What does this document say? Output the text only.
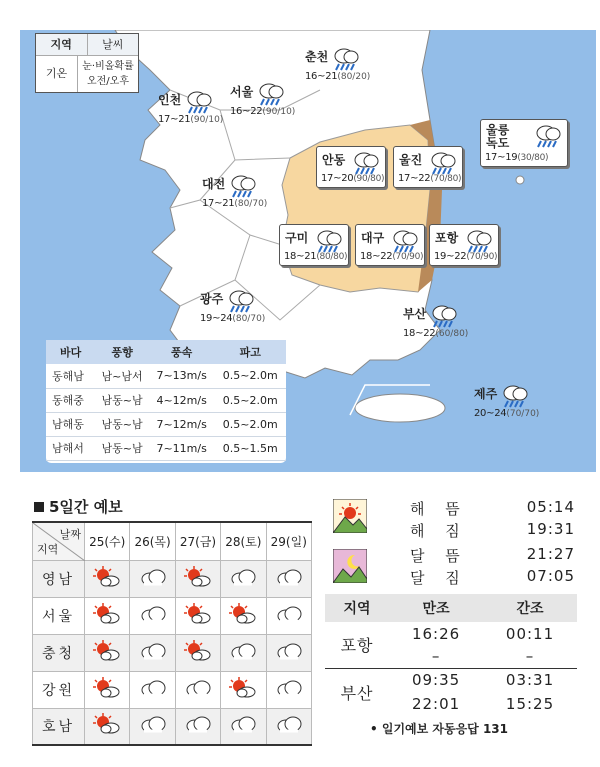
지역	날씨
기온
눈·비올확률
오전/오후
춘천
16~21(80/20)
인천
17~21(90/10)
서울
16~22(90/10)
울릉
독도
17~19(30/80)
안동
17~20(90/80)
울진
17~22(70/80)
대전
17~21(80/70)
구미
18~21(80/80)
대구
18~22(70/90)
포항
19~22(70/90)
광주
19~24(80/70)	부산
18~22(60/80)
제주
20~24(70/70)
바다	풍향	풍속	파고
동해남	남~남서	7~13m/s	0.5~2.0m
동해중	남동~남	4~12m/s	0.5~2.0m
남해동	남동~남	7~12m/s	0.5~2.0m
남해서	남동~남	7~11m/s	0.5~1.5m
5일간 예보
날짜
지역	25(수)	26(목)	27(금)	28(토)	29(일)
영남					
서울					
충청					
강원					
호남					
해 뜸	05:14
해 짐	19:31
달 뜸	21:27
달 짐	07:05
지역	만조	간조
포항	16:26	00:11
	–	–
부산	09:35	03:31
	22:01	15:25
• 일기예보 자동응답 131
